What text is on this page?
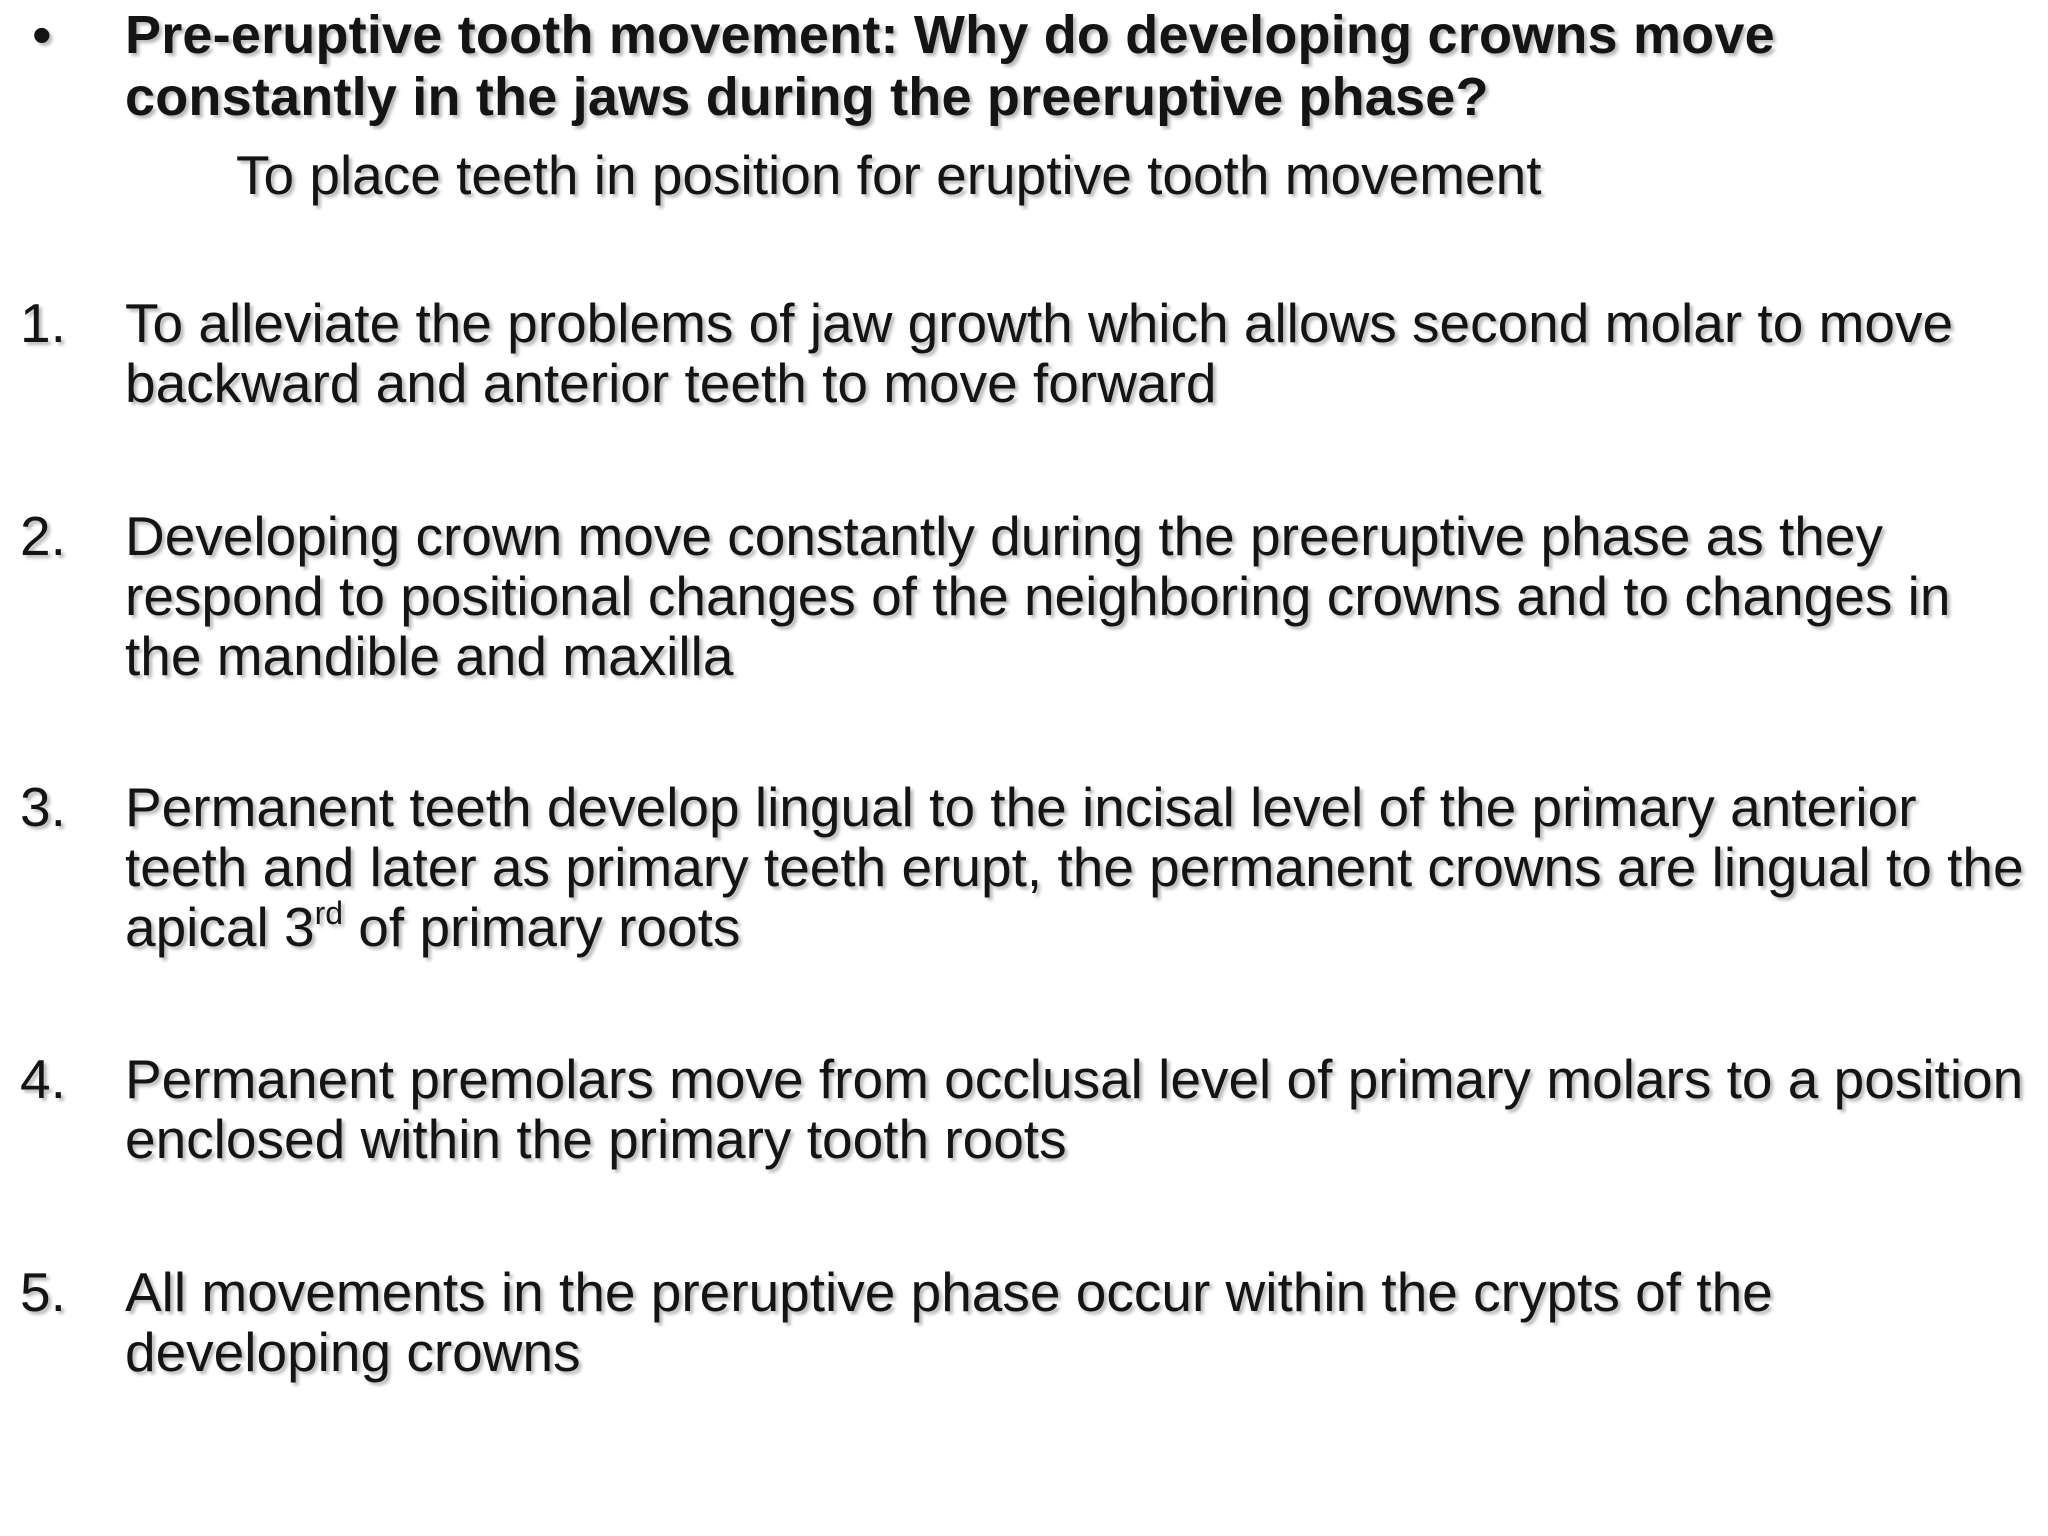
• Pre-eruptive tooth movement: Why do developing crowns move constantly in the jaws during the preeruptive phase?
To place teeth in position for eruptive tooth movement
1. To alleviate the problems of jaw growth which allows second molar to move backward and anterior teeth to move forward
2. Developing crown move constantly during the preeruptive phase as they respond to positional changes of the neighboring crowns and to changes in the mandible and maxilla
3. Permanent teeth develop lingual to the incisal level of the primary anterior teeth and later as primary teeth erupt, the permanent crowns are lingual to the apical 3rd of primary roots
4. Permanent premolars move from occlusal level of primary molars to a position enclosed within the primary tooth roots
5. All movements in the preruptive phase occur within the crypts of the developing crowns
